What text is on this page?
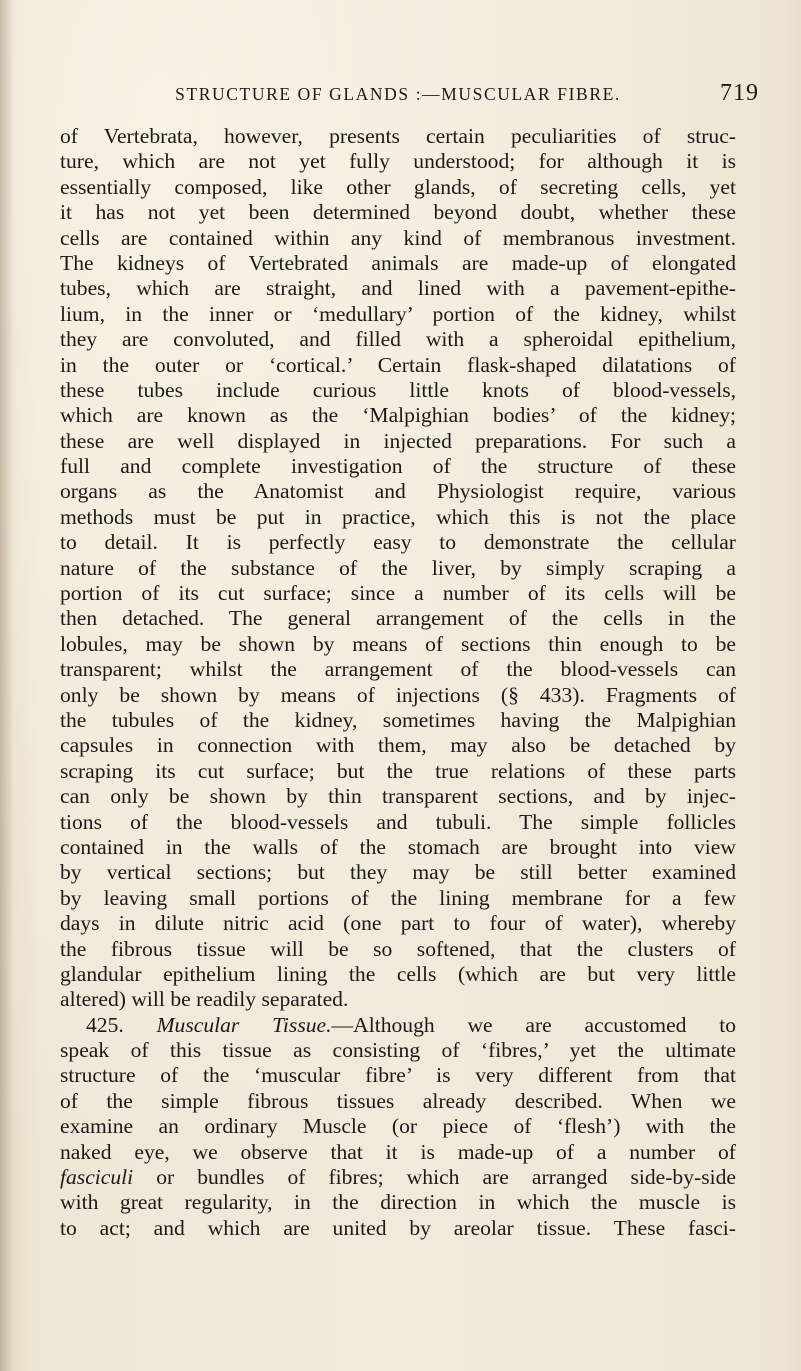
STRUCTURE OF GLANDS :—MUSCULAR FIBRE.	719
of Vertebrata, however, presents certain peculiarities of struc-
ture, which are not yet fully understood; for although it is
essentially composed, like other glands, of secreting cells, yet
it has not yet been determined beyond doubt, whether these
cells are contained within any kind of membranous investment.
The kidneys of Vertebrated animals are made-up of elongated
tubes, which are straight, and lined with a pavement-epithe-
lium, in the inner or ‘medullary’ portion of the kidney, whilst
they are convoluted, and filled with a spheroidal epithelium,
in the outer or ‘cortical.’ Certain flask-shaped dilatations of
these tubes include curious little knots of blood-vessels,
which are known as the ‘Malpighian bodies’ of the kidney;
these are well displayed in injected preparations. For such a
full and complete investigation of the structure of these
organs as the Anatomist and Physiologist require, various
methods must be put in practice, which this is not the place
to detail. It is perfectly easy to demonstrate the cellular
nature of the substance of the liver, by simply scraping a
portion of its cut surface; since a number of its cells will be
then detached. The general arrangement of the cells in the
lobules, may be shown by means of sections thin enough to be
transparent; whilst the arrangement of the blood-vessels can
only be shown by means of injections (§ 433). Fragments of
the tubules of the kidney, sometimes having the Malpighian
capsules in connection with them, may also be detached by
scraping its cut surface; but the true relations of these parts
can only be shown by thin transparent sections, and by injec-
tions of the blood-vessels and tubuli. The simple follicles
contained in the walls of the stomach are brought into view
by vertical sections; but they may be still better examined
by leaving small portions of the lining membrane for a few
days in dilute nitric acid (one part to four of water), whereby
the fibrous tissue will be so softened, that the clusters of
glandular epithelium lining the cells (which are but very little
altered) will be readily separated.
425. Muscular Tissue.—Although we are accustomed to
speak of this tissue as consisting of ‘fibres,’ yet the ultimate
structure of the ‘muscular fibre’ is very different from that
of the simple fibrous tissues already described. When we
examine an ordinary Muscle (or piece of ‘flesh’) with the
naked eye, we observe that it is made-up of a number of
fasciculi or bundles of fibres; which are arranged side-by-side
with great regularity, in the direction in which the muscle is
to act; and which are united by areolar tissue. These fasci-
